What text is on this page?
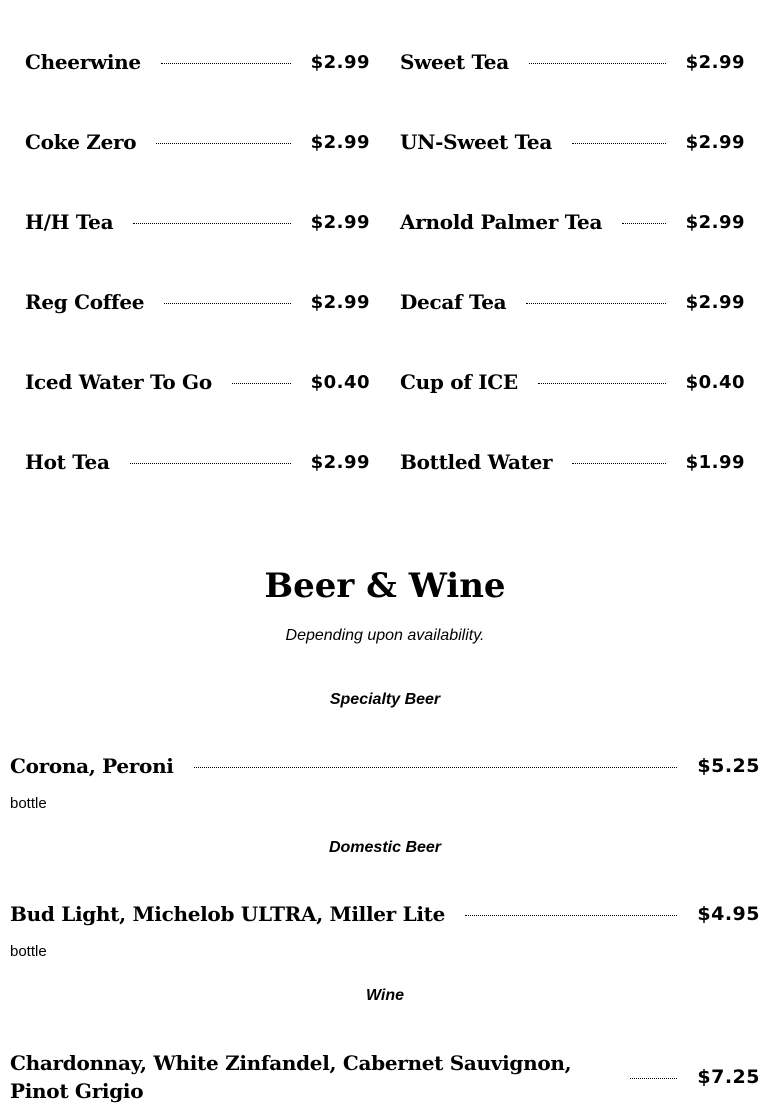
Cheerwine	$2.99 Sweet Tea	$2.99
Coke Zero	$2.99 UN-Sweet Tea	$2.99
H/H Tea	$2.99 Arnold Palmer Tea	$2.99
Reg Coffee	$2.99 Decaf Tea	$2.99
Iced Water To Go	$0.40 Cup of ICE	$0.40
Hot Tea	$2.99 Bottled Water	$1.99
Beer & Wine

Depending upon availability.

Specialty Beer

Corona, Peroni	$5.25

bottle

Domestic Beer

Bud Light, Michelob ULTRA, Miller Lite	$4.95

bottle

Wine

Chardonnay, White Zinfandel, Cabernet Sauvignon, Pinot Grigio
$7.25
